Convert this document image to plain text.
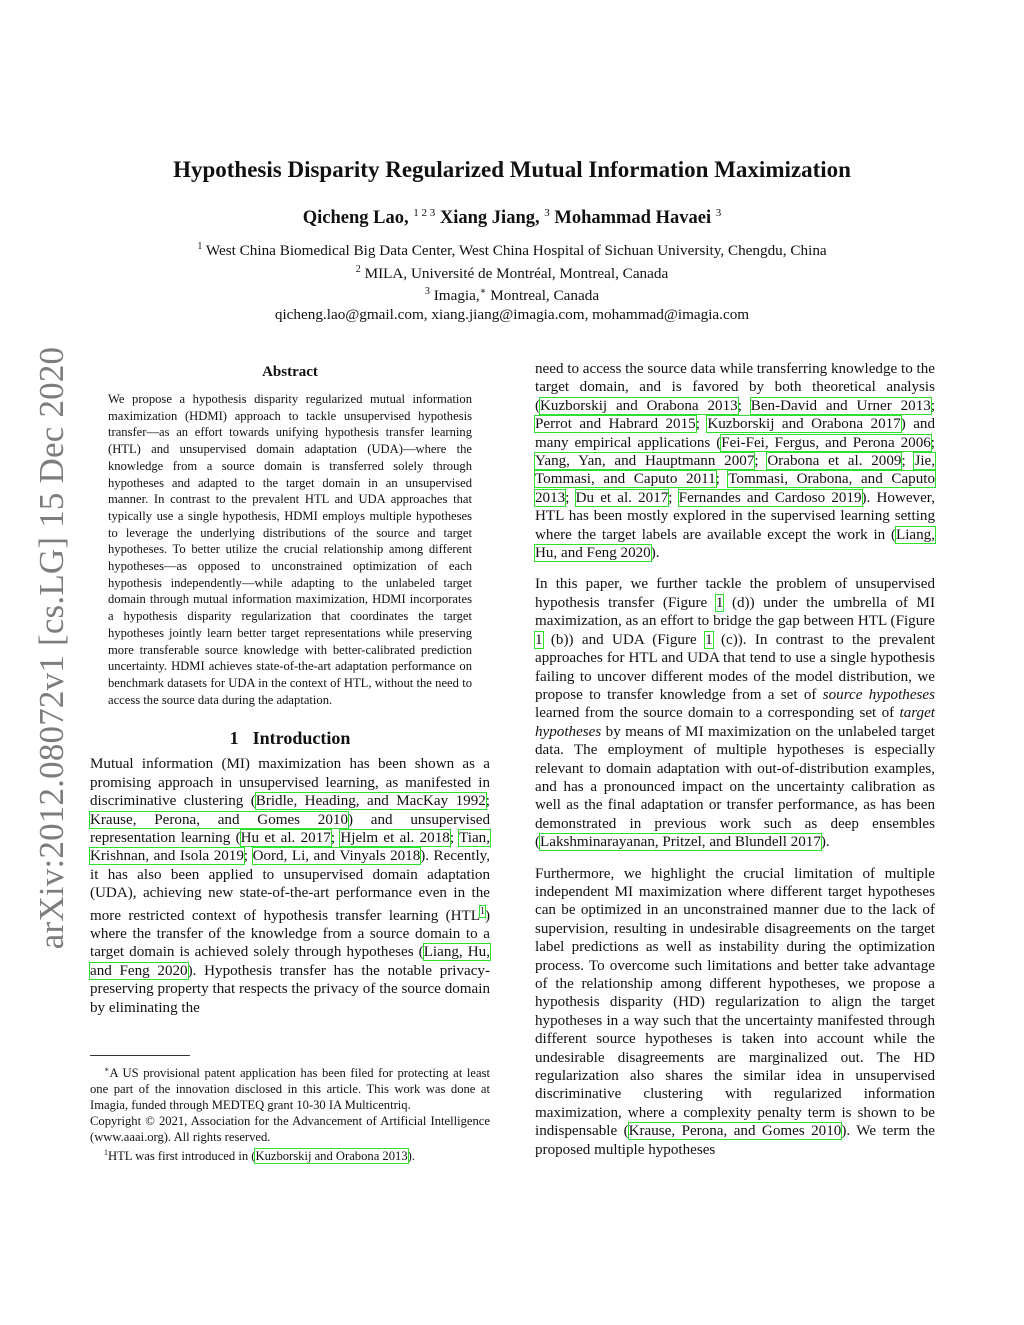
arXiv:2012.08072v1 [cs.LG] 15 Dec 2020
Hypothesis Disparity Regularized Mutual Information Maximization
Qicheng Lao, $^{1 2 3}$ Xiang Jiang, $^3$ Mohammad Havaei $^3$
$^1$ West China Biomedical Big Data Center, West China Hospital of Sichuan University, Chengdu, China
$^2$ MILA, Université de Montréal, Montreal, Canada
$^3$ Imagia,∗ Montreal, Canada
qicheng.lao@gmail.com, xiang.jiang@imagia.com, mohammad@imagia.com
Abstract

We propose a hypothesis disparity regularized mutual information maximization (HDMI) approach to tackle unsupervised hypothesis transfer—as an effort towards unifying hypothesis transfer learning (HTL) and unsupervised domain adaptation (UDA)—where the knowledge from a source domain is transferred solely through hypotheses and adapted to the target domain in an unsupervised manner. In contrast to the prevalent HTL and UDA approaches that typically use a single hypothesis, HDMI employs multiple hypotheses to leverage the underlying distributions of the source and target hypotheses. To better utilize the crucial relationship among different hypotheses—as opposed to unconstrained optimization of each hypothesis independently—while adapting to the unlabeled target domain through mutual information maximization, HDMI incorporates a hypothesis disparity regularization that coordinates the target hypotheses jointly learn better target representations while preserving more transferable source knowledge with better-calibrated prediction uncertainty. HDMI achieves state-of-the-art adaptation performance on benchmark datasets for UDA in the context of HTL, without the need to access the source data during the adaptation.

1 Introduction

Mutual information (MI) maximization has been shown as a promising approach in unsupervised learning, as manifested in discriminative clustering (Bridle, Heading, and MacKay 1992; Krause, Perona, and Gomes 2010) and unsupervised representation learning (Hu et al. 2017; Hjelm et al. 2018; Tian, Krishnan, and Isola 2019; Oord, Li, and Vinyals 2018). Recently, it has also been applied to unsupervised domain adaptation (UDA), achieving new state-of-the-art performance even in the more restricted context of hypothesis transfer learning (HTL$^1$) where the transfer of the knowledge from a source domain to a target domain is achieved solely through hypotheses (Liang, Hu, and Feng 2020). Hypothesis transfer has the notable privacy-preserving property that respects the privacy of the source domain by eliminating the

∗A US provisional patent application has been filed for protecting at least one part of the innovation disclosed in this article. This work was done at Imagia, funded through MEDTEQ grant 10-30 IA Multicentriq.

Copyright © 2021, Association for the Advancement of Artificial Intelligence (www.aaai.org). All rights reserved.

$^1$HTL was first introduced in (Kuzborskij and Orabona 2013).

need to access the source data while transferring knowledge to the target domain, and is favored by both theoretical analysis (Kuzborskij and Orabona 2013; Ben-David and Urner 2013; Perrot and Habrard 2015; Kuzborskij and Orabona 2017) and many empirical applications (Fei-Fei, Fergus, and Perona 2006; Yang, Yan, and Hauptmann 2007; Orabona et al. 2009; Jie, Tommasi, and Caputo 2011; Tommasi, Orabona, and Caputo 2013; Du et al. 2017; Fernandes and Cardoso 2019). However, HTL has been mostly explored in the supervised learning setting where the target labels are available except the work in (Liang, Hu, and Feng 2020).

In this paper, we further tackle the problem of unsupervised hypothesis transfer (Figure 1 (d)) under the umbrella of MI maximization, as an effort to bridge the gap between HTL (Figure 1 (b)) and UDA (Figure 1 (c)). In contrast to the prevalent approaches for HTL and UDA that tend to use a single hypothesis failing to uncover different modes of the model distribution, we propose to transfer knowledge from a set of source hypotheses learned from the source domain to a corresponding set of target hypotheses by means of MI maximization on the unlabeled target data. The employment of multiple hypotheses is especially relevant to domain adaptation with out-of-distribution examples, and has a pronounced impact on the uncertainty calibration as well as the final adaptation or transfer performance, as has been demonstrated in previous work such as deep ensembles (Lakshminarayanan, Pritzel, and Blundell 2017).

Furthermore, we highlight the crucial limitation of multiple independent MI maximization where different target hypotheses can be optimized in an unconstrained manner due to the lack of supervision, resulting in undesirable disagreements on the target label predictions as well as instability during the optimization process. To overcome such limitations and better take advantage of the relationship among different hypotheses, we propose a hypothesis disparity (HD) regularization to align the target hypotheses in a way such that the uncertainty manifested through different source hypotheses is taken into account while the undesirable disagreements are marginalized out. The HD regularization also shares the similar idea in unsupervised discriminative clustering with regularized information maximization, where a complexity penalty term is shown to be indispensable (Krause, Perona, and Gomes 2010). We term the proposed multiple hypotheses
